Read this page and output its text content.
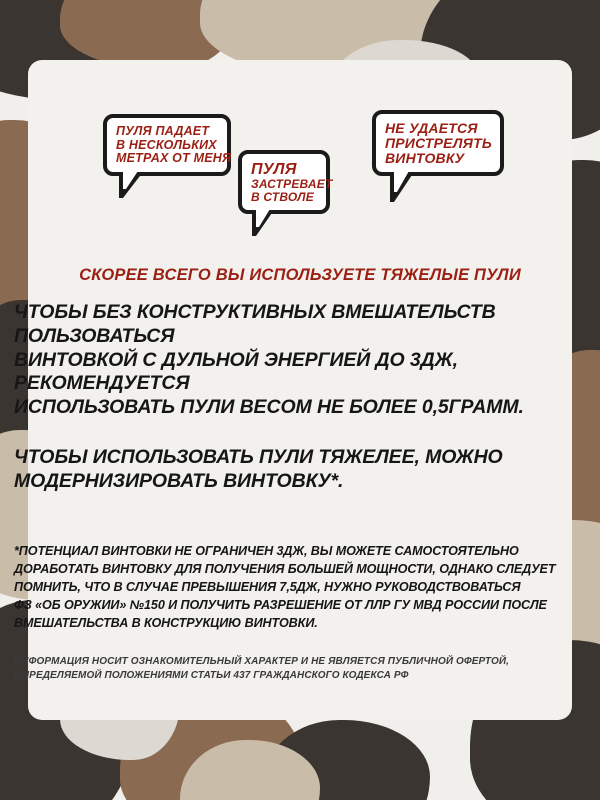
ПУЛЯ ПАДАЕТ
В НЕСКОЛЬКИХ
МЕТРАХ ОТ МЕНЯ
ПУЛЯ
ЗАСТРЕВАЕТ
В СТВОЛЕ
НЕ УДАЕТСЯ
ПРИСТРЕЛЯТЬ
ВИНТОВКУ
СКОРЕЕ ВСЕГО ВЫ ИСПОЛЬЗУЕТЕ ТЯЖЕЛЫЕ ПУЛИ
ЧТОБЫ БЕЗ КОНСТРУКТИВНЫХ ВМЕШАТЕЛЬСТВ ПОЛЬЗОВАТЬСЯ
ВИНТОВКОЙ С ДУЛЬНОЙ ЭНЕРГИЕЙ ДО 3ДЖ, РЕКОМЕНДУЕТСЯ
ИСПОЛЬЗОВАТЬ ПУЛИ ВЕСОМ НЕ БОЛЕЕ 0,5ГРАММ.
ЧТОБЫ ИСПОЛЬЗОВАТЬ ПУЛИ ТЯЖЕЛЕЕ, МОЖНО
МОДЕРНИЗИРОВАТЬ ВИНТОВКУ*.
*ПОТЕНЦИАЛ ВИНТОВКИ НЕ ОГРАНИЧЕН 3ДЖ, ВЫ МОЖЕТЕ САМОСТОЯТЕЛЬНО
ДОРАБОТАТЬ ВИНТОВКУ ДЛЯ ПОЛУЧЕНИЯ БОЛЬШЕЙ МОЩНОСТИ, ОДНАКО СЛЕДУЕТ
ПОМНИТЬ, ЧТО В СЛУЧАЕ ПРЕВЫШЕНИЯ 7,5ДЖ, НУЖНО РУКОВОДСТВОВАТЬСЯ
ФЗ «ОБ ОРУЖИИ» №150 И ПОЛУЧИТЬ РАЗРЕШЕНИЕ ОТ ЛЛР ГУ МВД РОССИИ ПОСЛЕ
ВМЕШАТЕЛЬСТВА В КОНСТРУКЦИЮ ВИНТОВКИ.
ИНФОРМАЦИЯ НОСИТ ОЗНАКОМИТЕЛЬНЫЙ ХАРАКТЕР И НЕ ЯВЛЯЕТСЯ ПУБЛИЧНОЙ ОФЕРТОЙ,
ОПРЕДЕЛЯЕМОЙ ПОЛОЖЕНИЯМИ СТАТЬИ 437 ГРАЖДАНСКОГО КОДЕКСА РФ
